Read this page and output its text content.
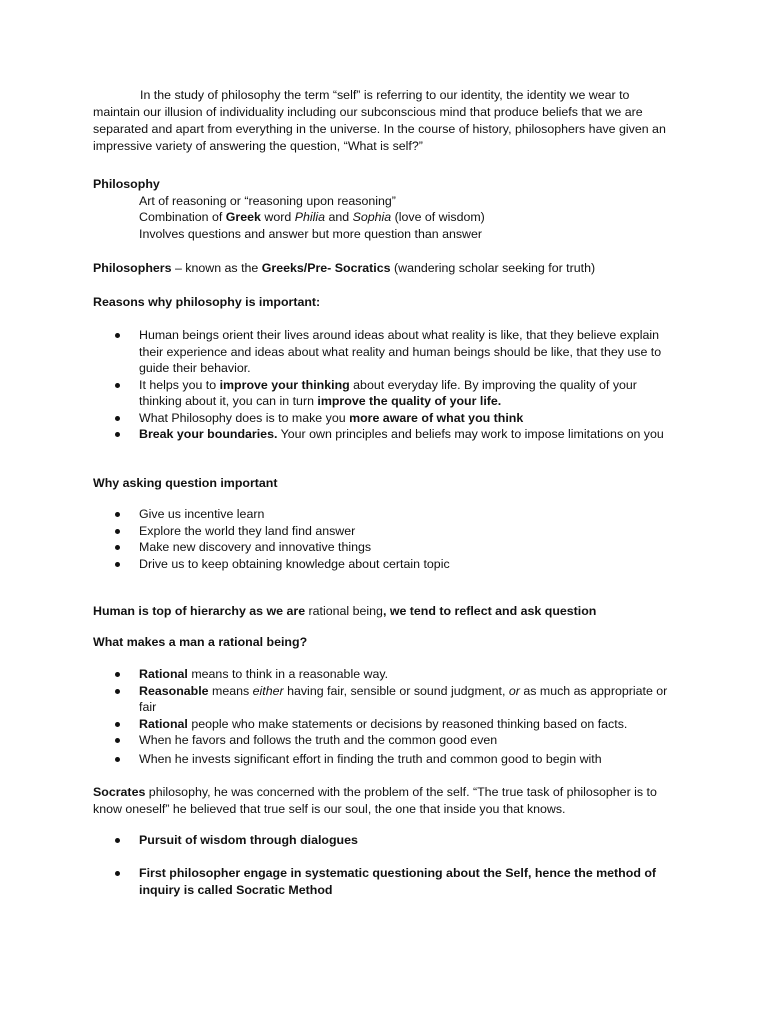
In the study of philosophy the term “self” is referring to our identity, the identity we wear to maintain our illusion of individuality including our subconscious mind that produce beliefs that we are separated and apart from everything in the universe. In the course of history, philosophers have given an impressive variety of answering the question, “What is self?”
Philosophy
Art of reasoning or “reasoning upon reasoning”
Combination of Greek word Philia and Sophia (love of wisdom)
Involves questions and answer but more question than answer
Philosophers – known as the Greeks/Pre- Socratics (wandering scholar seeking for truth)
Reasons why philosophy is important:
Human beings orient their lives around ideas about what reality is like, that they believe explain their experience and ideas about what reality and human beings should be like, that they use to guide their behavior.
It helps you to improve your thinking about everyday life. By improving the quality of your thinking about it, you can in turn improve the quality of your life.
What Philosophy does is to make you more aware of what you think
Break your boundaries. Your own principles and beliefs may work to impose limitations on you
Why asking question important
Give us incentive learn
Explore the world they land find answer
Make new discovery and innovative things
Drive us to keep obtaining knowledge about certain topic
Human is top of hierarchy as we are rational being, we tend to reflect and ask question
What makes a man a rational being?
Rational means to think in a reasonable way.
Reasonable means either having fair, sensible or sound judgment, or as much as appropriate or fair
Rational people who make statements or decisions by reasoned thinking based on facts.
When he favors and follows the truth and the common good even
When he invests significant effort in finding the truth and common good to begin with
Socrates philosophy, he was concerned with the problem of the self. “The true task of philosopher is to know oneself” he believed that true self is our soul, the one that inside you that knows.
Pursuit of wisdom through dialogues
First philosopher engage in systematic questioning about the Self, hence the method of inquiry is called Socratic Method
